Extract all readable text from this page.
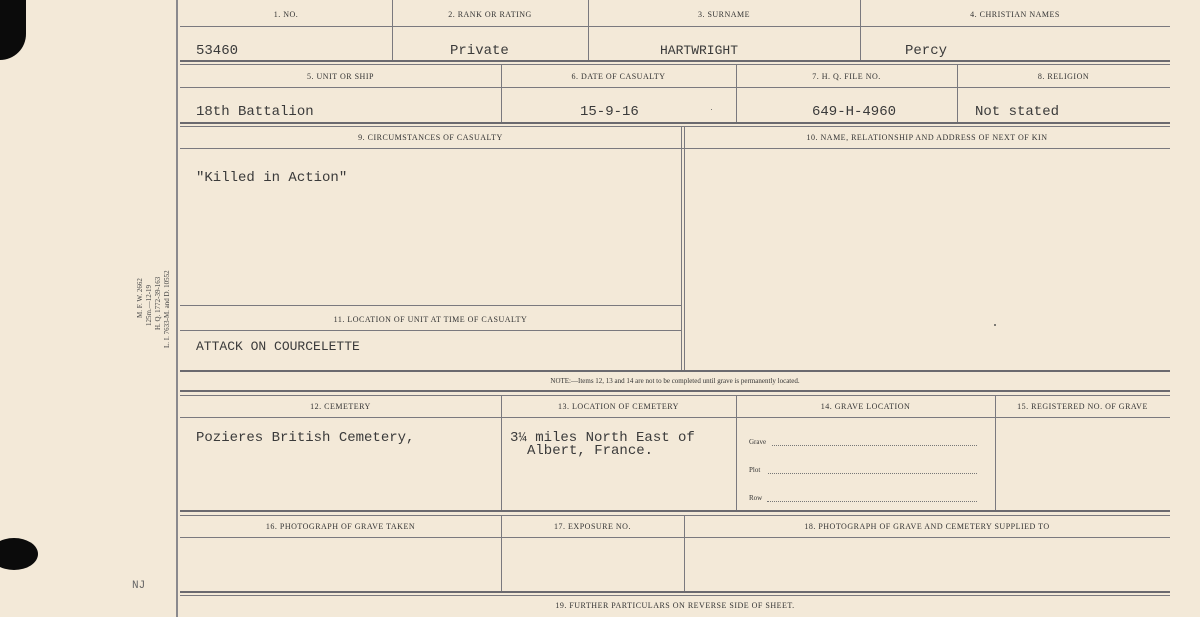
M. F. W. 2662 125m.—12-19 H. Q. 1772-39-163 L. I. 7633-M. and D. 10552
NJ
1. NO.	2. RANK OR RATING	3. SURNAME	4. CHRISTIAN NAMES
53460	Private	HARTWRIGHT	Percy
5. UNIT OR SHIP	6. DATE OF CASUALTY	7. H. Q. FILE NO.	8. RELIGION
18th Battalion	15-9-16	649-H-4960	Not stated
9. CIRCUMSTANCES OF CASUALTY	10. NAME, RELATIONSHIP AND ADDRESS OF NEXT OF KIN
"Killed in Action"
11. LOCATION OF UNIT AT TIME OF CASUALTY
ATTACK ON COURCELETTE
NOTE:—Items 12, 13 and 14 are not to be completed until grave is permanently located.
12. CEMETERY	13. LOCATION OF CEMETERY	14. GRAVE LOCATION	15. REGISTERED NO. OF GRAVE
Pozieres British Cemetery,	3¼ miles North East of
Albert, France.
Grave
Plot
Row
16. PHOTOGRAPH OF GRAVE TAKEN	17. EXPOSURE NO.	18. PHOTOGRAPH OF GRAVE AND CEMETERY SUPPLIED TO
19. FURTHER PARTICULARS ON REVERSE SIDE OF SHEET.
